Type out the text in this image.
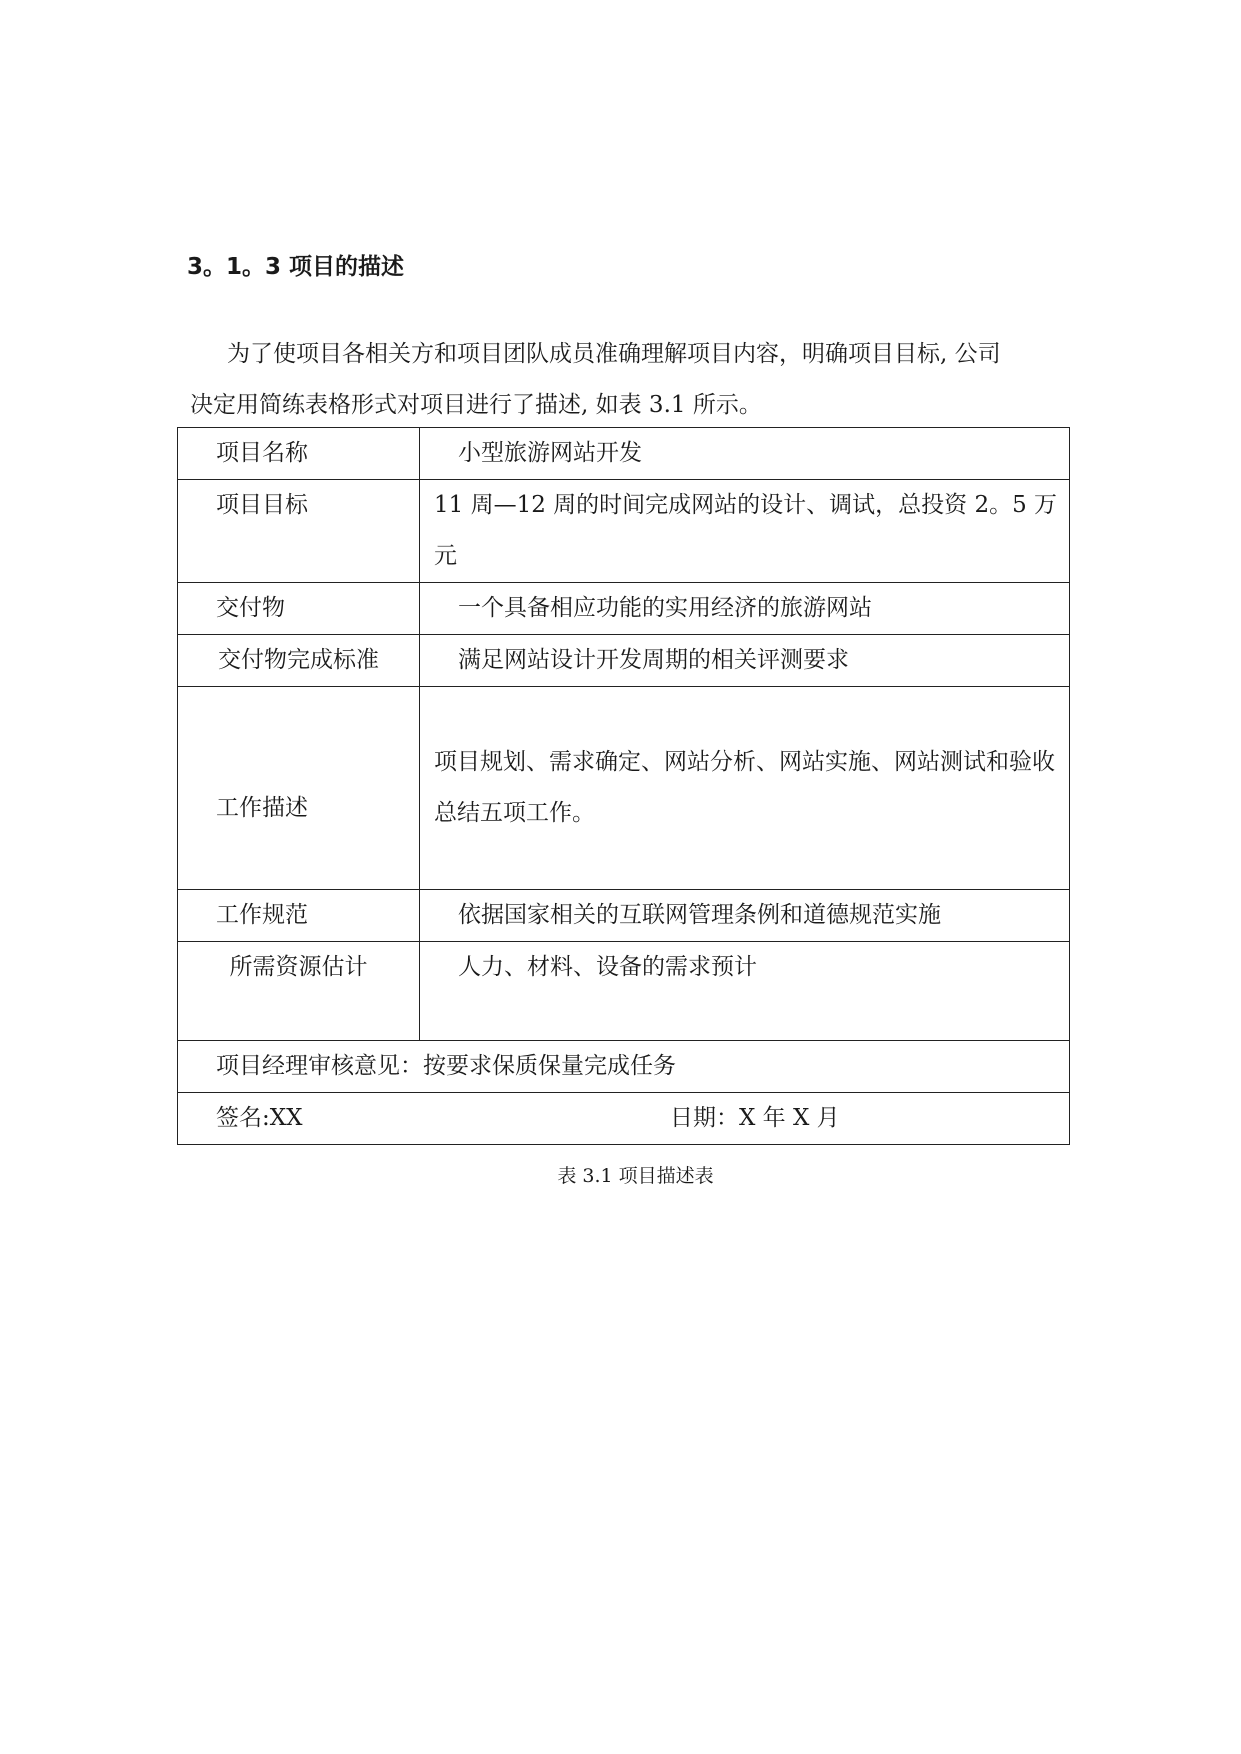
3。1。3 项目的描述
为了使项目各相关方和项目团队成员准确理解项目内容，明确项目目标, 公司
决定用简练表格形式对项目进行了描述, 如表 3.1 所示。
项目名称	小型旅游网站开发
项目目标	11 周—12 周的时间完成网站的设计、调试，总投资 2。5 万元
交付物	一个具备相应功能的实用经济的旅游网站
交付物完成标准	满足网站设计开发周期的相关评测要求

工作描述	项目规划、需求确定、网站分析、网站实施、网站测试和验收总结五项工作。
工作规范	依据国家相关的互联网管理条例和道德规范实施
所需资源估计	人力、材料、设备的需求预计
项目经理审核意见：按要求保质保量完成任务	

签名:XX 日期：X 年 X 月	
表 3.1 项目描述表
